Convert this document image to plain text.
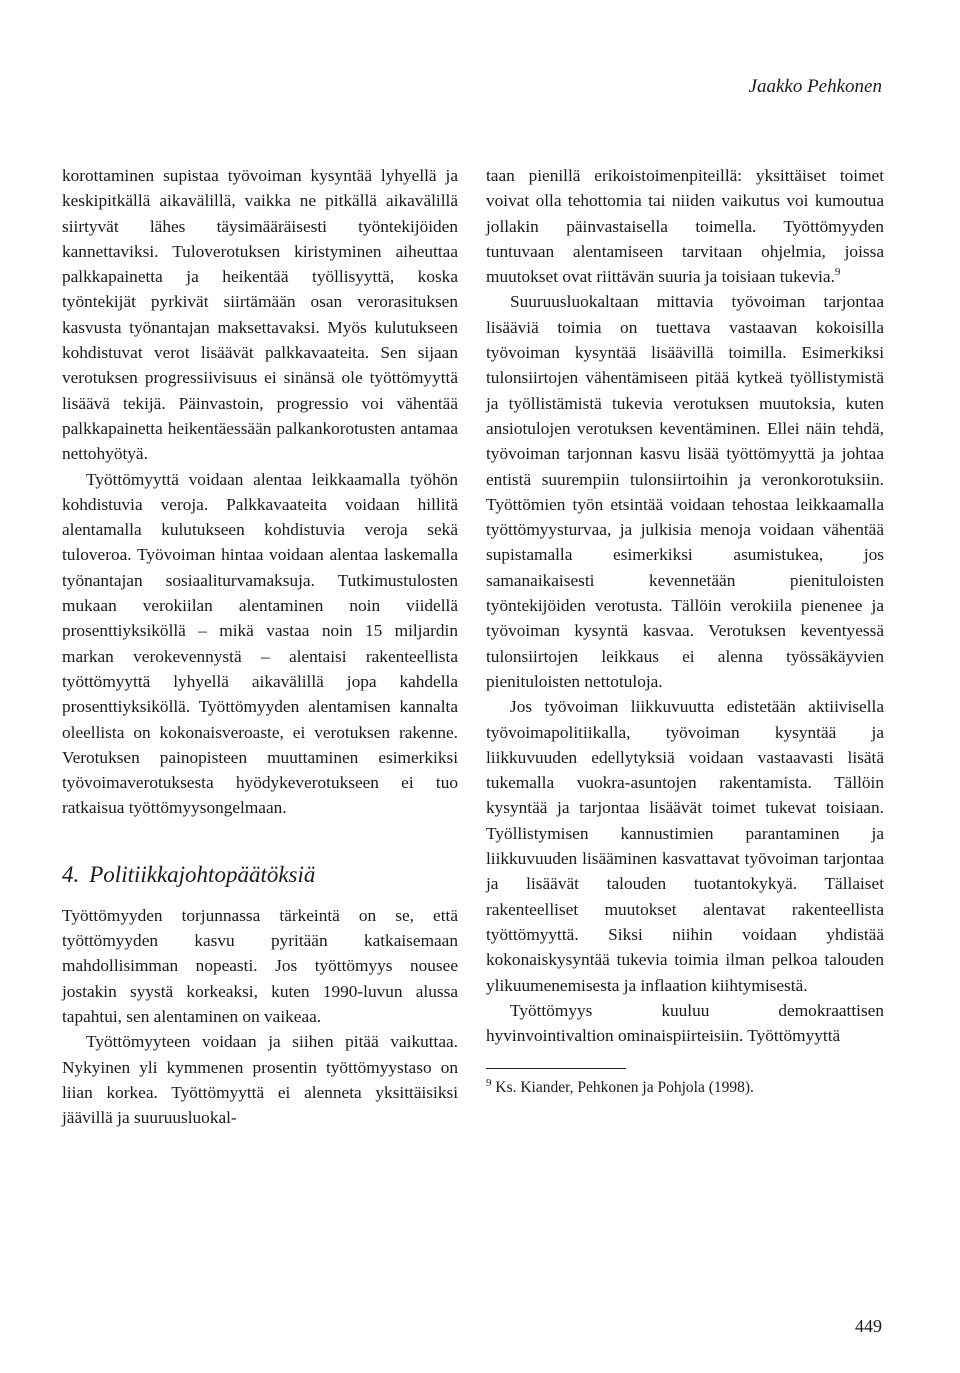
Jaakko Pehkonen

korottaminen supistaa työvoiman kysyntää lyhyellä ja keskipitkällä aikavälillä, vaikka ne pitkällä aikavälillä siirtyvät lähes täysimääräisesti työntekijöiden kannettaviksi. Tuloverotuksen kiristyminen aiheuttaa palkkapainetta ja heikentää työllisyyttä, koska työntekijät pyrkivät siirtämään osan verorasituksen kasvusta työnantajan maksettavaksi. Myös kulutukseen kohdistuvat verot lisäävät palkkavaateita. Sen sijaan verotuksen progressiivisuus ei sinänsä ole työttömyyttä lisäävä tekijä. Päinvastoin, progressio voi vähentää palkkapainetta heikentäessään palkankorotusten antamaa nettohyötyä.

Työttömyyttä voidaan alentaa leikkaamalla työhön kohdistuvia veroja. Palkkavaateita voidaan hillitä alentamalla kulutukseen kohdistuvia veroja sekä tuloveroa. Työvoiman hintaa voidaan alentaa laskemalla työnantajan sosiaaliturvamaksuja. Tutkimustulosten mukaan verokiilan alentaminen noin viidellä prosenttiyksiköllä – mikä vastaa noin 15 miljardin markan verokevennystä – alentaisi rakenteellista työttömyyttä lyhyellä aikavälillä jopa kahdella prosenttiyksiköllä. Työttömyyden alentamisen kannalta oleellista on kokonaisveroaste, ei verotuksen rakenne. Verotuksen painopisteen muuttaminen esimerkiksi työvoimaverotuksesta hyödykeverotukseen ei tuo ratkaisua työttömyysongelmaan.

4. Politiikkajohtopäätöksiä

Työttömyyden torjunnassa tärkeintä on se, että työttömyyden kasvu pyritään katkaisemaan mahdollisimman nopeasti. Jos työttömyys nousee jostakin syystä korkeaksi, kuten 1990-luvun alussa tapahtui, sen alentaminen on vaikeaa.

Työttömyyteen voidaan ja siihen pitää vaikuttaa. Nykyinen yli kymmenen prosentin työttömyystaso on liian korkea. Työttömyyttä ei alenneta yksittäisiksi jäävillä ja suuruusluokal-

taan pienillä erikoistoimenpiteillä: yksittäiset toimet voivat olla tehottomia tai niiden vaikutus voi kumoutua jollakin päinvastaisella toimella. Työttömyyden tuntuvaan alentamiseen tarvitaan ohjelmia, joissa muutokset ovat riittävän suuria ja toisiaan tukevia.$^9$

Suuruusluokaltaan mittavia työvoiman tarjontaa lisääviä toimia on tuettava vastaavan kokoisilla työvoiman kysyntää lisäävillä toimilla. Esimerkiksi tulonsiirtojen vähentämiseen pitää kytkeä työllistymistä ja työllistämistä tukevia verotuksen muutoksia, kuten ansiotulojen verotuksen keventäminen. Ellei näin tehdä, työvoiman tarjonnan kasvu lisää työttömyyttä ja johtaa entistä suurempiin tulonsiirtoihin ja veronkorotuksiin. Työttömien työn etsintää voidaan tehostaa leikkaamalla työttömyysturvaa, ja julkisia menoja voidaan vähentää supistamalla esimerkiksi asumistukea, jos samanaikaisesti kevennetään pienituloisten työntekijöiden verotusta. Tällöin verokiila pienenee ja työvoiman kysyntä kasvaa. Verotuksen keventyessä tulonsiirtojen leikkaus ei alenna työssäkäyvien pienituloisten nettotuloja.

Jos työvoiman liikkuvuutta edistetään aktiivisella työvoimapolitiikalla, työvoiman kysyntää ja liikkuvuuden edellytyksiä voidaan vastaavasti lisätä tukemalla vuokra-asuntojen rakentamista. Tällöin kysyntää ja tarjontaa lisäävät toimet tukevat toisiaan. Työllistymisen kannustimien parantaminen ja liikkuvuuden lisääminen kasvattavat työvoiman tarjontaa ja lisäävät talouden tuotantokykyä. Tällaiset rakenteelliset muutokset alentavat rakenteellista työttömyyttä. Siksi niihin voidaan yhdistää kokonaiskysyntää tukevia toimia ilman pelkoa talouden ylikuumenemisesta ja inflaation kiihtymisestä.

Työttömyys kuuluu demokraattisen hyvinvointivaltion ominaispiirteisiin. Työttömyyttä

$^9$ Ks. Kiander, Pehkonen ja Pohjola (1998).

449
